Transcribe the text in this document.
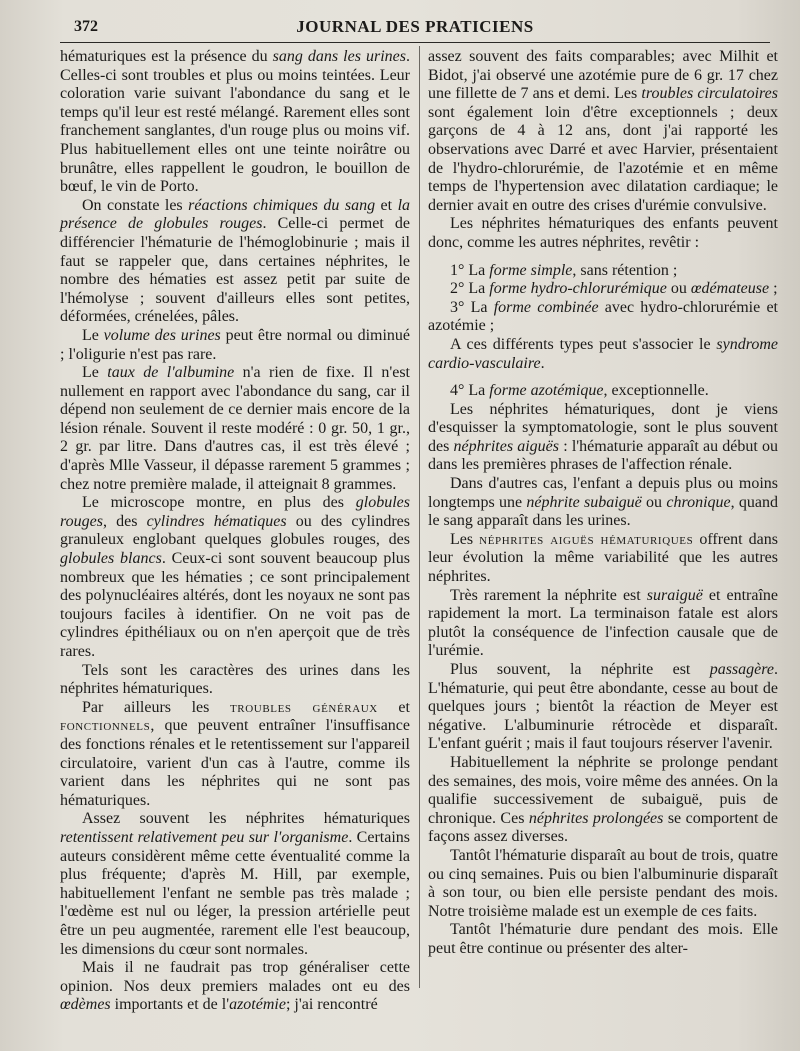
372	JOURNAL DES PRATICIENS

hématuriques est la présence du sang dans les urines. Celles-ci sont troubles et plus ou moins teintées. Leur coloration varie suivant l'abondance du sang et le temps qu'il leur est resté mélangé. Rarement elles sont franchement sanglantes, d'un rouge plus ou moins vif. Plus habituellement elles ont une teinte noirâtre ou brunâtre, elles rappellent le goudron, le bouillon de bœuf, le vin de Porto.

On constate les réactions chimiques du sang et la présence de globules rouges. Celle-ci permet de différencier l'hématurie de l'hémoglobinurie ; mais il faut se rappeler que, dans certaines néphrites, le nombre des hématies est assez petit par suite de l'hémolyse ; souvent d'ailleurs elles sont petites, déformées, crénelées, pâles.

Le volume des urines peut être normal ou diminué ; l'oligurie n'est pas rare.

Le taux de l'albumine n'a rien de fixe. Il n'est nullement en rapport avec l'abondance du sang, car il dépend non seulement de ce dernier mais encore de la lésion rénale. Souvent il reste modéré : 0 gr. 50, 1 gr., 2 gr. par litre. Dans d'autres cas, il est très élevé ; d'après Mlle Vasseur, il dépasse rarement 5 grammes ; chez notre première malade, il atteignait 8 grammes.

Le microscope montre, en plus des globules rouges, des cylindres hématiques ou des cylindres granuleux englobant quelques globules rouges, des globules blancs. Ceux-ci sont souvent beaucoup plus nombreux que les hématies ; ce sont principalement des polynucléaires altérés, dont les noyaux ne sont pas toujours faciles à identifier. On ne voit pas de cylindres épithéliaux ou on n'en aperçoit que de très rares.

Tels sont les caractères des urines dans les néphrites hématuriques.

Par ailleurs les troubles généraux et fonctionnels, que peuvent entraîner l'insuffisance des fonctions rénales et le retentissement sur l'appareil circulatoire, varient d'un cas à l'autre, comme ils varient dans les néphrites qui ne sont pas hématuriques.

Assez souvent les néphrites hématuriques retentissent relativement peu sur l'organisme. Certains auteurs considèrent même cette éventualité comme la plus fréquente; d'après M. Hill, par exemple, habituellement l'enfant ne semble pas très malade ; l'œdème est nul ou léger, la pression artérielle peut être un peu augmentée, rarement elle l'est beaucoup, les dimensions du cœur sont normales.

Mais il ne faudrait pas trop généraliser cette opinion. Nos deux premiers malades ont eu des œdèmes importants et de l'azotémie; j'ai rencontré

assez souvent des faits comparables; avec Milhit et Bidot, j'ai observé une azotémie pure de 6 gr. 17 chez une fillette de 7 ans et demi. Les troubles circulatoires sont également loin d'être exceptionnels ; deux garçons de 4 à 12 ans, dont j'ai rapporté les observations avec Darré et avec Harvier, présentaient de l'hydro-chlorurémie, de l'azotémie et en même temps de l'hypertension avec dilatation cardiaque; le dernier avait en outre des crises d'urémie convulsive.

Les néphrites hématuriques des enfants peuvent donc, comme les autres néphrites, revêtir :

1° La forme simple, sans rétention ;

2° La forme hydro-chlorurémique ou œdémateuse ;

3° La forme combinée avec hydro-chlorurémie et azotémie ;

A ces différents types peut s'associer le syndrome cardio-vasculaire.

4° La forme azotémique, exceptionnelle.

Les néphrites hématuriques, dont je viens d'esquisser la symptomatologie, sont le plus souvent des néphrites aiguës : l'hématurie apparaît au début ou dans les premières phrases de l'affection rénale.

Dans d'autres cas, l'enfant a depuis plus ou moins longtemps une néphrite subaiguë ou chronique, quand le sang apparaît dans les urines.

Les néphrites aiguës hématuriques offrent dans leur évolution la même variabilité que les autres néphrites.

Très rarement la néphrite est suraiguë et entraîne rapidement la mort. La terminaison fatale est alors plutôt la conséquence de l'infection causale que de l'urémie.

Plus souvent, la néphrite est passagère. L'hématurie, qui peut être abondante, cesse au bout de quelques jours ; bientôt la réaction de Meyer est négative. L'albuminurie rétrocède et disparaît. L'enfant guérit ; mais il faut toujours réserver l'avenir.

Habituellement la néphrite se prolonge pendant des semaines, des mois, voire même des années. On la qualifie successivement de subaiguë, puis de chronique. Ces néphrites prolongées se comportent de façons assez diverses.

Tantôt l'hématurie disparaît au bout de trois, quatre ou cinq semaines. Puis ou bien l'albuminurie disparaît à son tour, ou bien elle persiste pendant des mois. Notre troisième malade est un exemple de ces faits.

Tantôt l'hématurie dure pendant des mois. Elle peut être continue ou présenter des alter-
